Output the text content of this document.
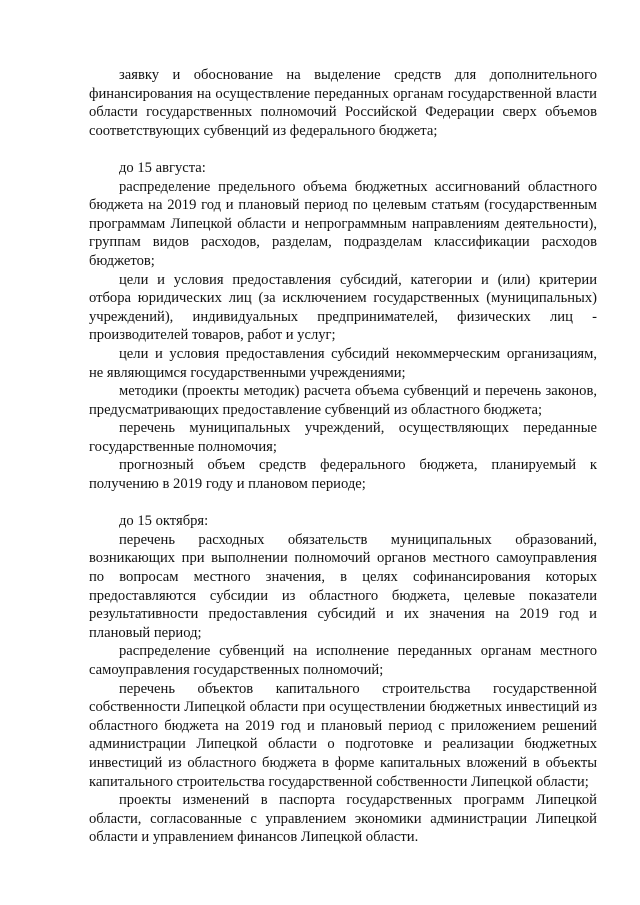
заявку и обоснование на выделение средств для дополнительного финансирования на осуществление переданных органам государственной власти области государственных полномочий Российской Федерации сверх объемов соответствующих субвенций из федерального бюджета;

до 15 августа:

распределение предельного объема бюджетных ассигнований областного бюджета на 2019 год и плановый период по целевым статьям (государственным программам Липецкой области и непрограммным направлениям деятельности), группам видов расходов, разделам, подразделам классификации расходов бюджетов;

цели и условия предоставления субсидий, категории и (или) критерии отбора юридических лиц (за исключением государственных (муниципальных) учреждений), индивидуальных предпринимателей, физических лиц - производителей товаров, работ и услуг;

цели и условия предоставления субсидий некоммерческим организациям, не являющимся государственными учреждениями;

методики (проекты методик) расчета объема субвенций и перечень законов, предусматривающих предоставление субвенций из областного бюджета;

перечень муниципальных учреждений, осуществляющих переданные государственные полномочия;

прогнозный объем средств федерального бюджета, планируемый к получению в 2019 году и плановом периоде;

до 15 октября:

перечень расходных обязательств муниципальных образований, возникающих при выполнении полномочий органов местного самоуправления по вопросам местного значения, в целях софинансирования которых предоставляются субсидии из областного бюджета, целевые показатели результативности предоставления субсидий и их значения на 2019 год и плановый период;

распределение субвенций на исполнение переданных органам местного самоуправления государственных полномочий;

перечень объектов капитального строительства государственной собственности Липецкой области при осуществлении бюджетных инвестиций из областного бюджета на 2019 год и плановый период с приложением решений администрации Липецкой области о подготовке и реализации бюджетных инвестиций из областного бюджета в форме капитальных вложений в объекты капитального строительства государственной собственности Липецкой области;

проекты изменений в паспорта государственных программ Липецкой области, согласованные с управлением экономики администрации Липецкой области и управлением финансов Липецкой области.
